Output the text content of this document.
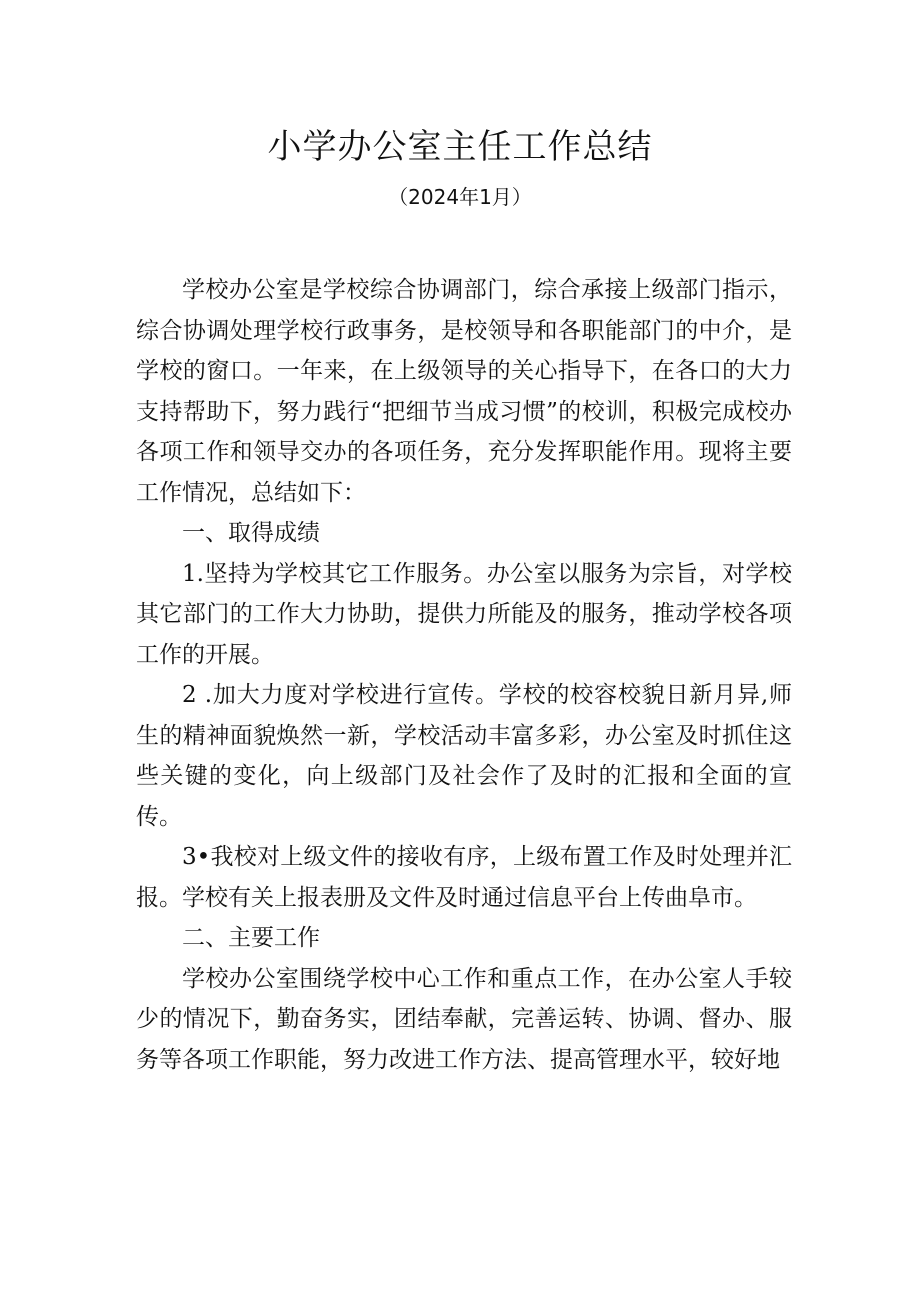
小学办公室主任工作总结
（2024年1月）

学校办公室是学校综合协调部门，综合承接上级部门指示，综合协调处理学校行政事务，是校领导和各职能部门的中介，是学校的窗口。一年来，在上级领导的关心指导下，在各口的大力支持帮助下，努力践行“把细节当成习惯”的校训，积极完成校办各项工作和领导交办的各项任务，充分发挥职能作用。现将主要工作情况，总结如下：

一、取得成绩

1.坚持为学校其它工作服务。办公室以服务为宗旨，对学校其它部门的工作大力协助，提供力所能及的服务，推动学校各项工作的开展。

2 .加大力度对学校进行宣传。学校的校容校貌日新月异,师生的精神面貌焕然一新，学校活动丰富多彩，办公室及时抓住这些关键的变化，向上级部门及社会作了及时的汇报和全面的宣传。

3•我校对上级文件的接收有序，上级布置工作及时处理并汇报。学校有关上报表册及文件及时通过信息平台上传曲阜市。

二、主要工作

学校办公室围绕学校中心工作和重点工作，在办公室人手较少的情况下，勤奋务实，团结奉献，完善运转、协调、督办、服务等各项工作职能，努力改进工作方法、提高管理水平，较好地
